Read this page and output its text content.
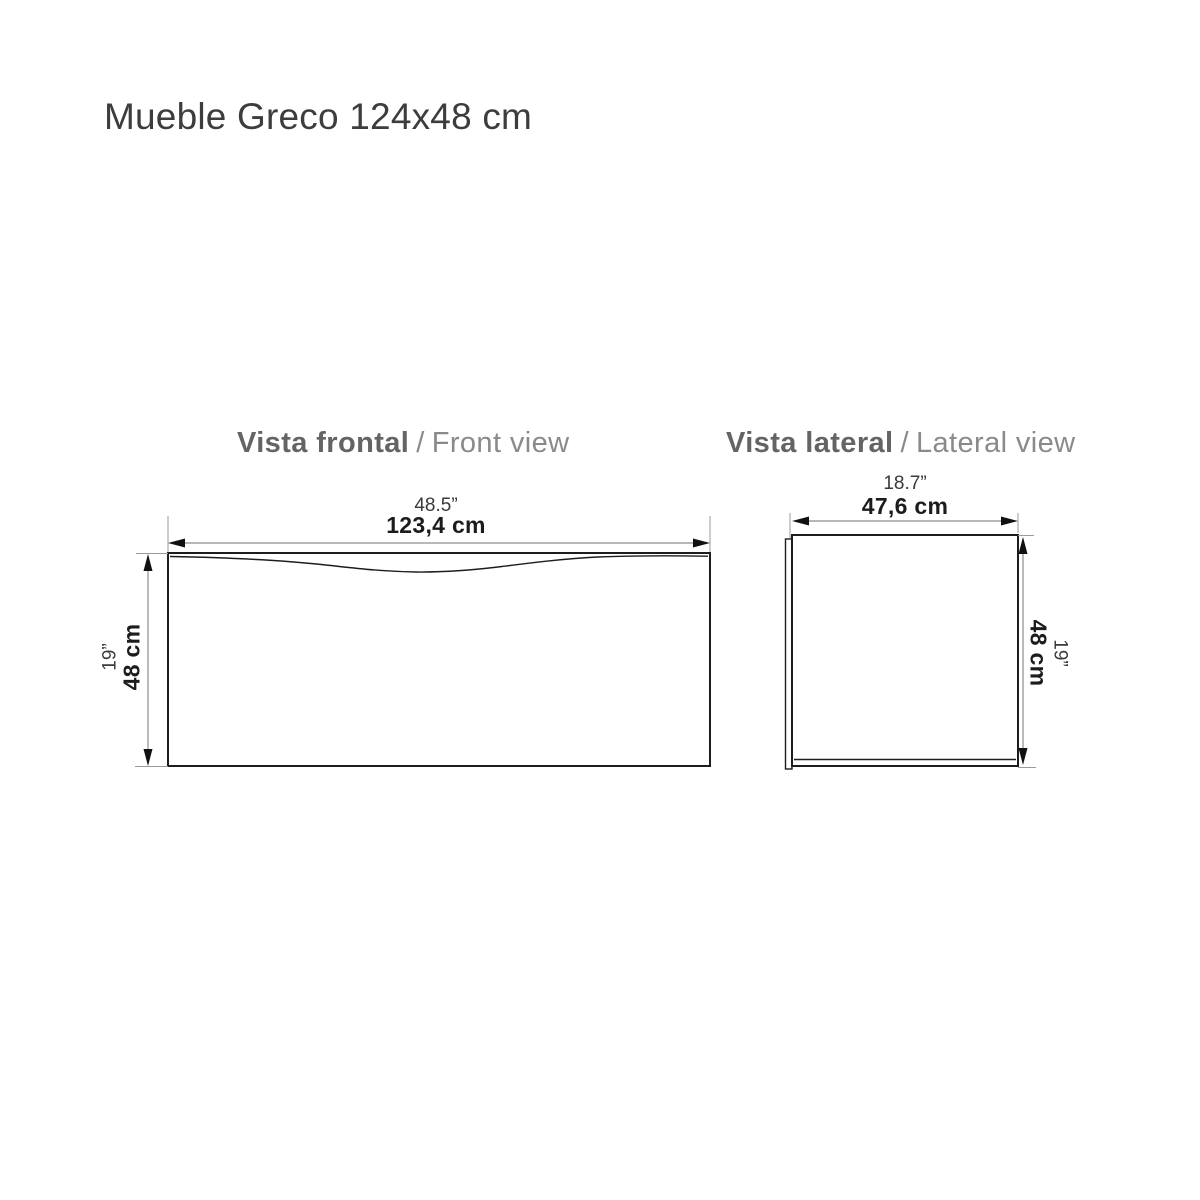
Mueble Greco 124x48 cm
Vista frontal / Front view	Vista lateral / Lateral view
48.5”
123,4 cm
19”
48 cm
18.7”
47,6 cm
48 cm
19”
